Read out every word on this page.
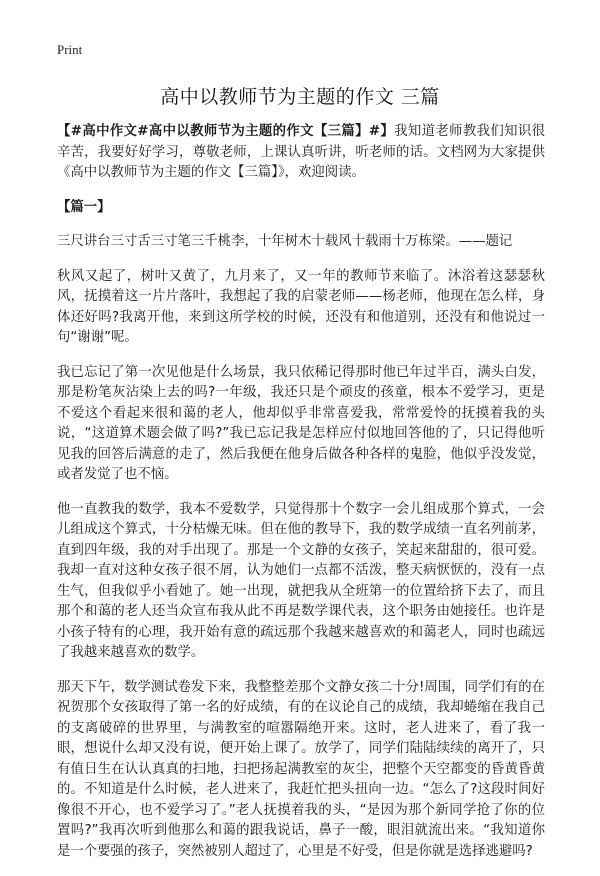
Print
高中以教师节为主题的作文 三篇

【#高中作文#高中以教师节为主题的作文【三篇】#】我知道老师教我们知识很辛苦，我要好好学习，尊敬老师，上课认真听讲，听老师的话。文档网为大家提供《高中以教师节为主题的作文【三篇】》，欢迎阅读。

【篇一】

三尺讲台三寸舌三寸笔三千桃李，十年树木十载风十载雨十万栋梁。——题记

秋风又起了，树叶又黄了，九月来了，又一年的教师节来临了。沐浴着这瑟瑟秋风，抚摸着这一片片落叶，我想起了我的启蒙老师——杨老师，他现在怎么样，身体还好吗?我离开他，来到这所学校的时候，还没有和他道别，还没有和他说过一句“谢谢”呢。

我已忘记了第一次见他是什么场景，我只依稀记得那时他已年过半百，满头白发，那是粉笔灰沾染上去的吗?一年级，我还只是个顽皮的孩童，根本不爱学习，更是不爱这个看起来很和蔼的老人，他却似乎非常喜爱我，常常爱怜的抚摸着我的头说，“这道算术题会做了吗?”我已忘记我是怎样应付似地回答他的了，只记得他听见我的回答后满意的走了，然后我便在他身后做各种各样的鬼脸，他似乎没发觉，或者发觉了也不恼。

他一直教我的数学，我本不爱数学，只觉得那十个数字一会儿组成那个算式，一会儿组成这个算式，十分枯燥无味。但在他的教导下，我的数学成绩一直名列前茅，直到四年级，我的对手出现了。那是一个文静的女孩子，笑起来甜甜的，很可爱。我却一直对这种女孩子很不屑，认为她们一点都不活泼，整天病恹恹的，没有一点生气，但我似乎小看她了。她一出现，就把我从全班第一的位置给挤下去了，而且那个和蔼的老人还当众宣布我从此不再是数学课代表，这个职务由她接任。也许是小孩子特有的心理，我开始有意的疏远那个我越来越喜欢的和蔼老人，同时也疏远了我越来越喜欢的数学。

那天下午，数学测试卷发下来，我整整差那个文静女孩二十分!周围，同学们有的在祝贺那个女孩取得了第一名的好成绩，有的在议论自己的成绩，我却蜷缩在我自己的支离破碎的世界里，与满教室的喧嚣隔绝开来。这时，老人进来了，看了我一眼，想说什么却又没有说，便开始上课了。放学了，同学们陆陆续续的离开了，只有值日生在认认真真的扫地，扫把扬起满教室的灰尘，把整个天空都变的昏黄昏黄的。不知道是什么时候，老人进来了，我赶忙把头扭向一边。“怎么了?这段时间好像很不开心，也不爱学习了。”老人抚摸着我的头，“是因为那个新同学抢了你的位置吗?”我再次听到他那么和蔼的跟我说话，鼻子一酸，眼泪就流出来。“我知道你是一个要强的孩子，突然被别人超过了，心里是不好受，但是你就是选择逃避吗?
